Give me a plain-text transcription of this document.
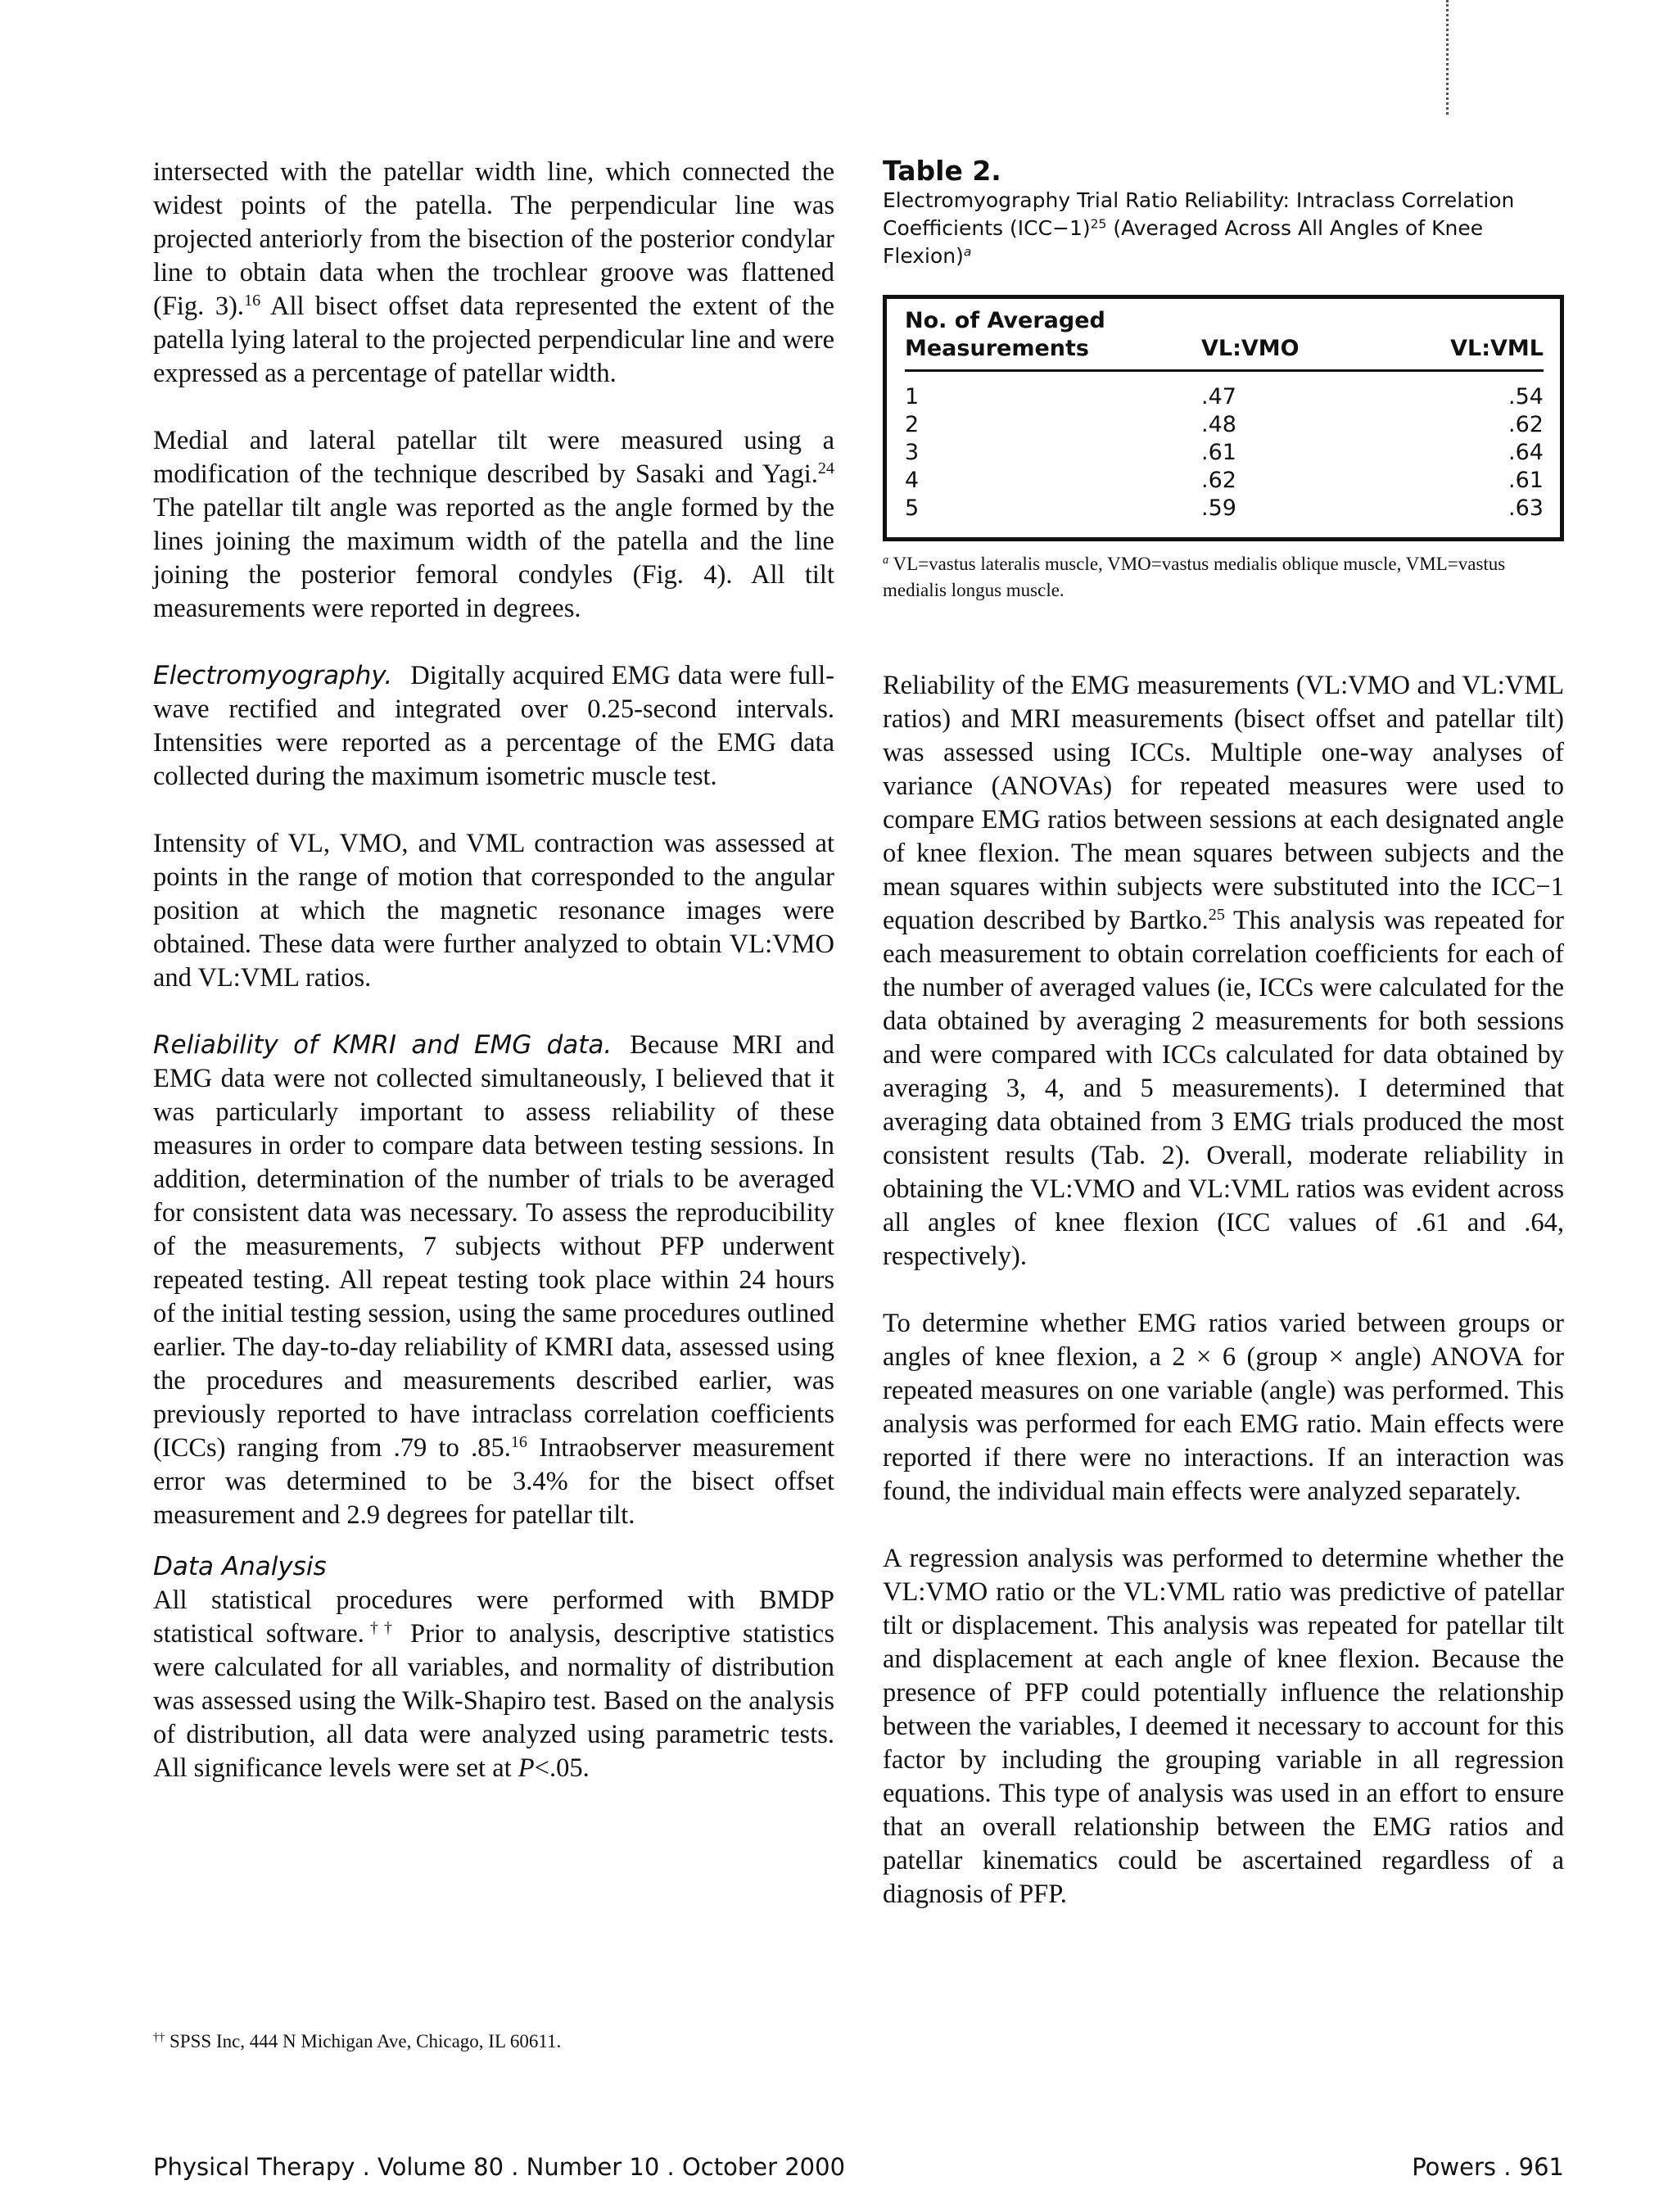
intersected with the patellar width line, which connected the widest points of the patella. The perpendicular line was projected anteriorly from the bisection of the posterior condylar line to obtain data when the trochlear groove was flattened (Fig. 3).$^{16}$ All bisect offset data represented the extent of the patella lying lateral to the projected perpendicular line and were expressed as a percentage of patellar width.

Medial and lateral patellar tilt were measured using a modification of the technique described by Sasaki and Yagi.$^{24}$ The patellar tilt angle was reported as the angle formed by the lines joining the maximum width of the patella and the line joining the posterior femoral condyles (Fig. 4). All tilt measurements were reported in degrees.

Electromyography. Digitally acquired EMG data were full-wave rectified and integrated over 0.25-second intervals. Intensities were reported as a percentage of the EMG data collected during the maximum isometric muscle test.

Intensity of VL, VMO, and VML contraction was assessed at points in the range of motion that corresponded to the angular position at which the magnetic resonance images were obtained. These data were further analyzed to obtain VL:VMO and VL:VML ratios.

Reliability of KMRI and EMG data. Because MRI and EMG data were not collected simultaneously, I believed that it was particularly important to assess reliability of these measures in order to compare data between testing sessions. In addition, determination of the number of trials to be averaged for consistent data was necessary. To assess the reproducibility of the measurements, 7 subjects without PFP underwent repeated testing. All repeat testing took place within 24 hours of the initial testing session, using the same procedures outlined earlier. The day-to-day reliability of KMRI data, assessed using the procedures and measurements described earlier, was previously reported to have intraclass correlation coefficients (ICCs) ranging from .79 to .85.16 Intraobserver measurement error was determined to be 3.4% for the bisect offset measurement and 2.9 degrees for patellar tilt.

Data Analysis

All statistical procedures were performed with BMDP statistical software.†† Prior to analysis, descriptive statistics were calculated for all variables, and normality of distribution was assessed using the Wilk-Shapiro test. Based on the analysis of distribution, all data were analyzed using parametric tests. All significance levels were set at P<.05.

Table 2.

Electromyography Trial Ratio Reliability: Intraclass Correlation Coefficients $(ICC-1)^{25}$ (Averaged Across All Angles of Knee Flexion)$^a$

No. of Averaged Measurements	VL:VMO	VL:VML
1	.47	.54
2	.48	.62
3	.61	.64
4	.62	.61
5	.59	.63

$^a$ VL=vastus lateralis muscle, VMO=vastus medialis oblique muscle, VML=vastus medialis longus muscle.

Reliability of the EMG measurements (VL:VMO and VL:VML ratios) and MRI measurements (bisect offset and patellar tilt) was assessed using ICCs. Multiple one-way analyses of variance (ANOVAs) for repeated measures were used to compare EMG ratios between sessions at each designated angle of knee flexion. The mean squares between subjects and the mean squares within subjects were substituted into the ICC−1 equation described by Bartko.$^{25}$ This analysis was repeated for each measurement to obtain correlation coefficients for each of the number of averaged values (ie, ICCs were calculated for the data obtained by averaging 2 measurements for both sessions and were compared with ICCs calculated for data obtained by averaging 3, 4, and 5 measurements). I determined that averaging data obtained from 3 EMG trials produced the most consistent results (Tab. 2). Overall, moderate reliability in obtaining the VL:VMO and VL:VML ratios was evident across all angles of knee flexion (ICC values of .61 and .64, respectively).

To determine whether EMG ratios varied between groups or angles of knee flexion, a 2 × 6 (group × angle) ANOVA for repeated measures on one variable (angle) was performed. This analysis was performed for each EMG ratio. Main effects were reported if there were no interactions. If an interaction was found, the individual main effects were analyzed separately.

A regression analysis was performed to determine whether the VL:VMO ratio or the VL:VML ratio was predictive of patellar tilt or displacement. This analysis was repeated for patellar tilt and displacement at each angle of knee flexion. Because the presence of PFP could potentially influence the relationship between the variables, I deemed it necessary to account for this factor by including the grouping variable in all regression equations. This type of analysis was used in an effort to ensure that an overall relationship between the EMG ratios and patellar kinematics could be ascertained regardless of a diagnosis of PFP.

†† SPSS Inc, 444 N Michigan Ave, Chicago, IL 60611.

Physical Therapy . Volume 80 . Number 10 . October 2000	Powers . 961
